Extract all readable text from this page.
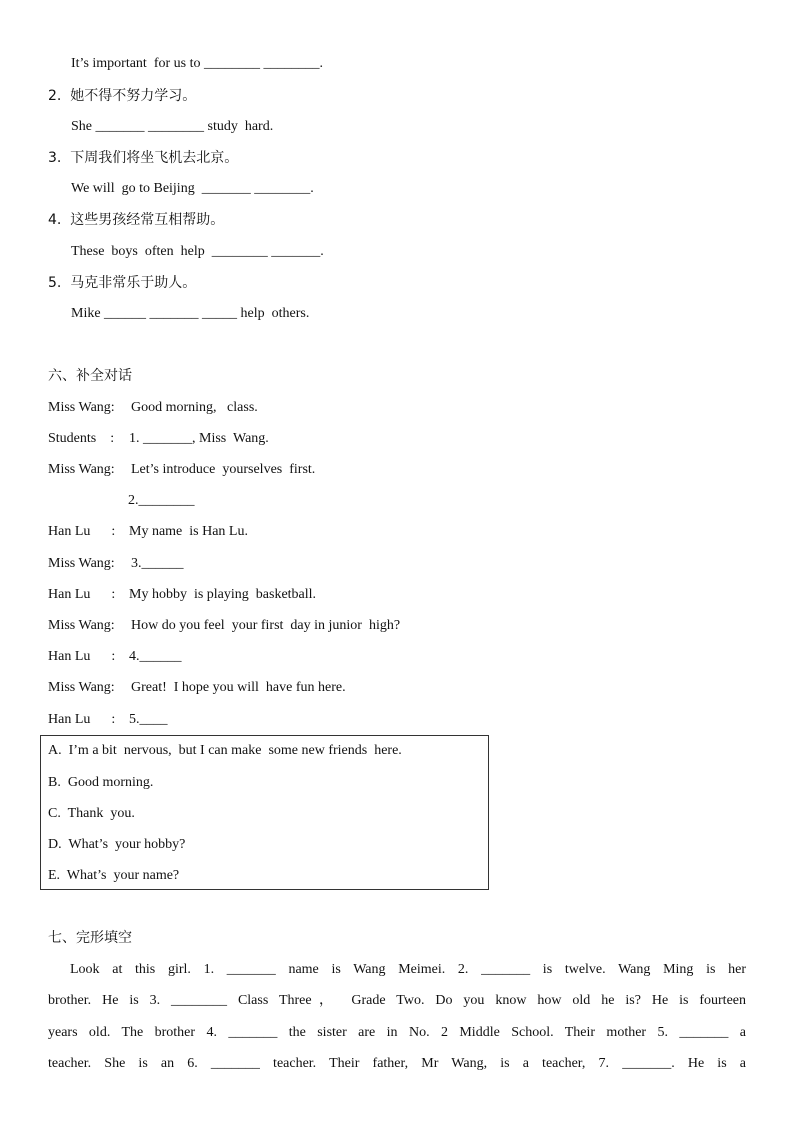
It’s important  for us to ________ ________.
2.  她不得不努力学习。
She _______ ________ study  hard.
3.  下周我们将坐飞机去北京。
We will  go to Beijing  _______ ________.
4.  这些男孩经常互相帮助。
These  boys  often  help  ________ _______.
5.  马克非常乐于助人。
Mike ______ _______ _____ help  others.
六、补全对话
Miss Wang: Good morning,   class.
Students    : 1. _______, Miss  Wang.
Miss Wang: Let’s introduce  yourselves  first.
2.________
Han Lu      : My name  is Han Lu.
Miss Wang: 3.______
Han Lu      : My hobby  is playing  basketball.
Miss Wang: How do you feel  your first  day in junior  high?
Han Lu      : 4.______
Miss Wang: Great!  I hope you will  have fun here.
Han Lu      : 5.____
A.  I’m a bit  nervous,  but I can make  some new friends  here.
B.  Good morning.
C.  Thank  you.
D.  What’s  your hobby?
E.  What’s  your name?
七、完形填空
Look at this girl. 1. _______ name is Wang Meimei. 2. _______ is twelve. Wang Ming is her
brother. He is 3. ________ Class Three， Grade Two. Do you know how old he is? He is fourteen
years old. The brother 4. _______ the sister are in No. 2 Middle School. Their mother 5. _______ a
teacher. She is an 6. _______ teacher. Their father, Mr Wang, is a teacher, 7. _______. He is a
